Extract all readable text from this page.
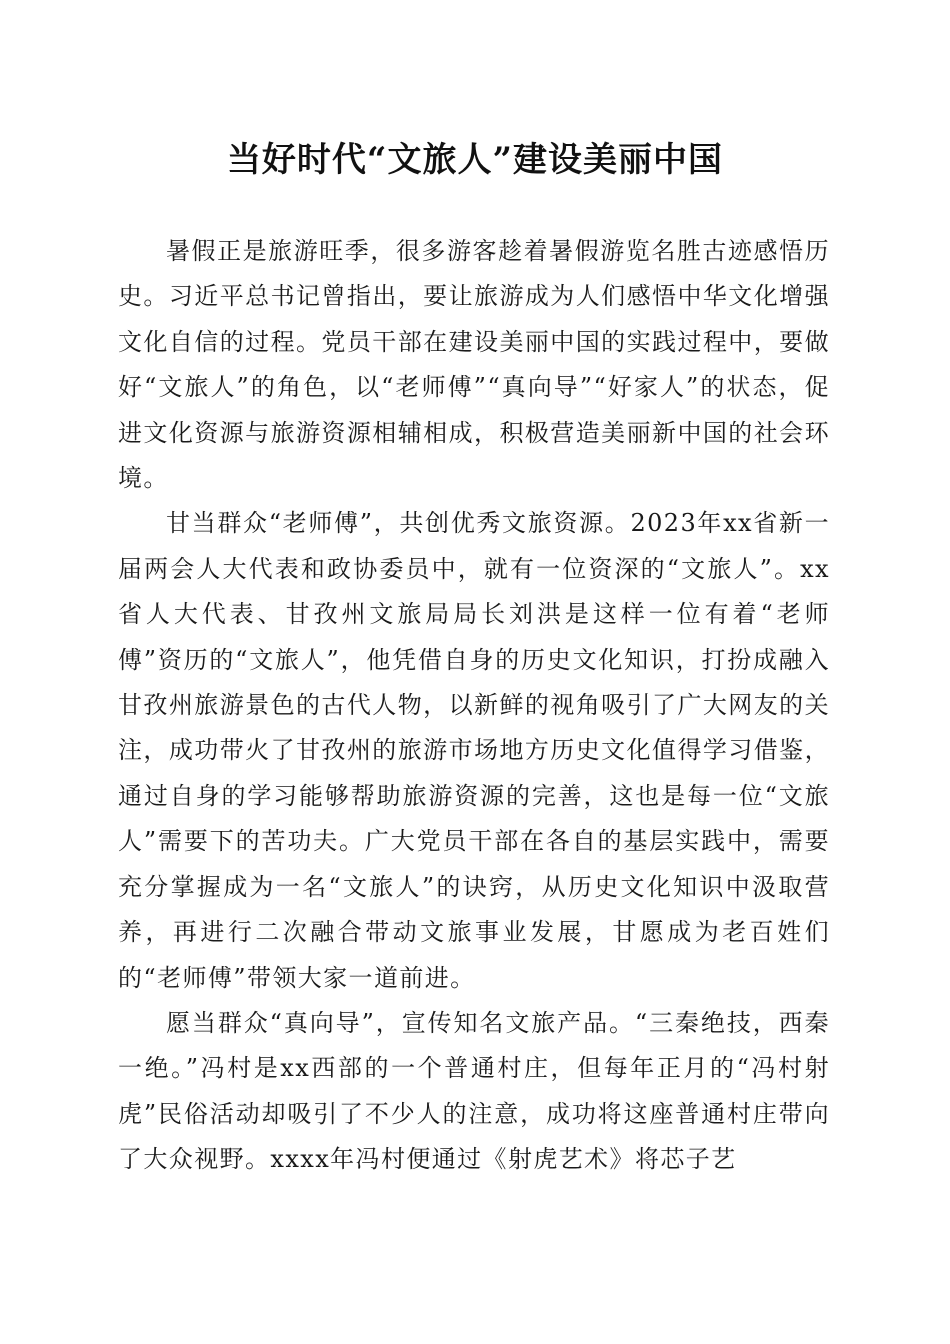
当好时代“文旅人”建设美丽中国

暑假正是旅游旺季，很多游客趁着暑假游览名胜古迹感悟历史。习近平总书记曾指出，要让旅游成为人们感悟中华文化增强文化自信的过程。党员干部在建设美丽中国的实践过程中，要做好“文旅人”的角色，以“老师傅”“真向导”“好家人”的状态，促进文化资源与旅游资源相辅相成，积极营造美丽新中国的社会环境。

甘当群众“老师傅”，共创优秀文旅资源。2023年xx省新一届两会人大代表和政协委员中，就有一位资深的“文旅人”。xx省人大代表、甘孜州文旅局局长刘洪是这样一位有着“老师傅”资历的“文旅人”，他凭借自身的历史文化知识，打扮成融入甘孜州旅游景色的古代人物，以新鲜的视角吸引了广大网友的关注，成功带火了甘孜州的旅游市场地方历史文化值得学习借鉴，通过自身的学习能够帮助旅游资源的完善，这也是每一位“文旅人”需要下的苦功夫。广大党员干部在各自的基层实践中，需要充分掌握成为一名“文旅人”的诀窍，从历史文化知识中汲取营养，再进行二次融合带动文旅事业发展，甘愿成为老百姓们的“老师傅”带领大家一道前进。

愿当群众“真向导”，宣传知名文旅产品。“三秦绝技，西秦一绝。”冯村是xx西部的一个普通村庄，但每年正月的“冯村射虎”民俗活动却吸引了不少人的注意，成功将这座普通村庄带向了大众视野。xxxx年冯村便通过《射虎艺术》将芯子艺
